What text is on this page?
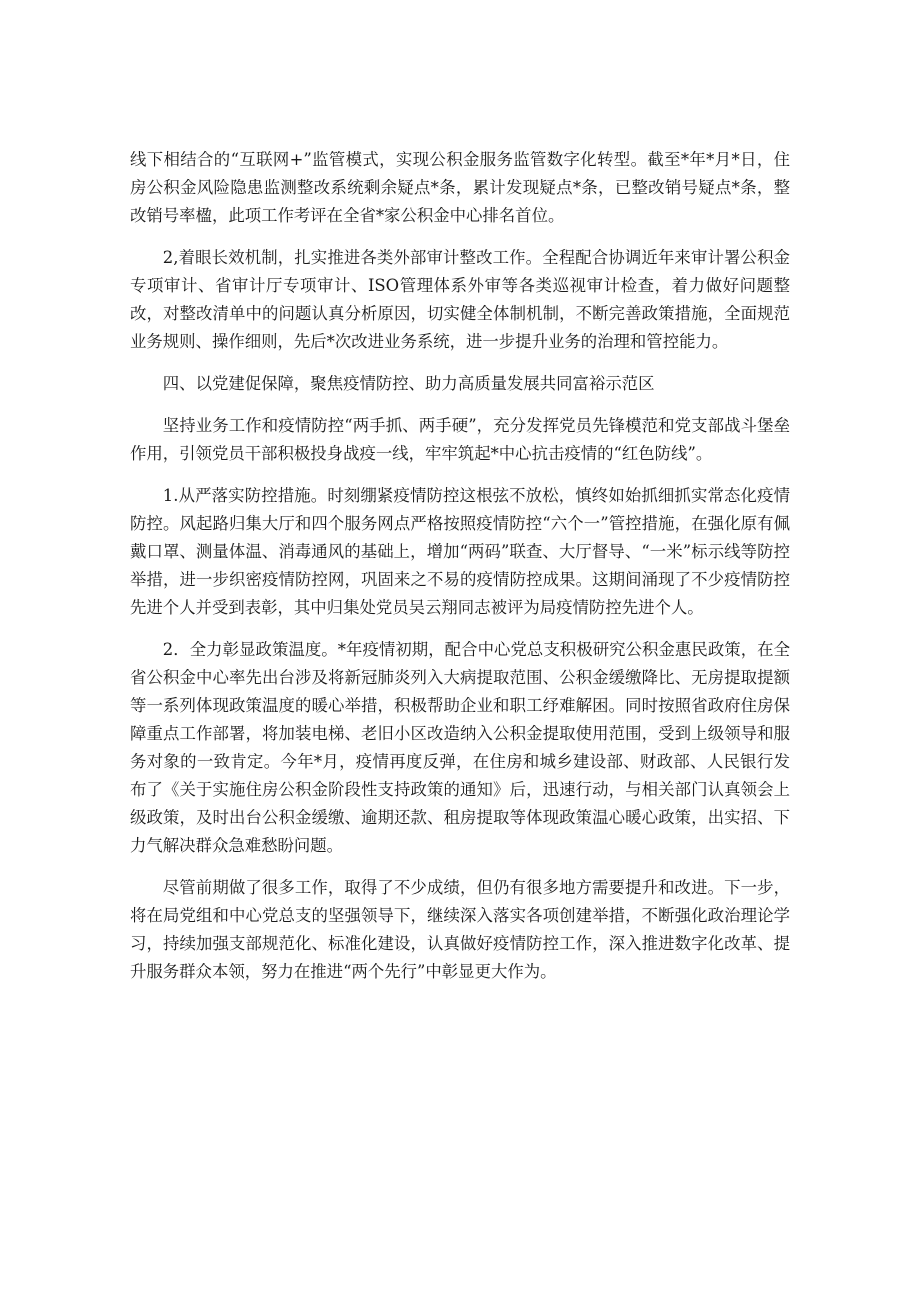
线下相结合的“互联网+”监管模式，实现公积金服务监管数字化转型。截至*年*月*日，住房公积金风险隐患监测整改系统剩余疑点*条，累计发现疑点*条，已整改销号疑点*条，整改销号率楹，此项工作考评在全省*家公积金中心排名首位。

2,着眼长效机制，扎实推进各类外部审计整改工作。全程配合协调近年来审计署公积金专项审计、省审计厅专项审计、ISO管理体系外审等各类巡视审计检查，着力做好问题整改，对整改清单中的问题认真分析原因，切实健全体制机制，不断完善政策措施，全面规范业务规则、操作细则，先后*次改进业务系统，进一步提升业务的治理和管控能力。

四、以党建促保障，聚焦疫情防控、助力高质量发展共同富裕示范区

坚持业务工作和疫情防控“两手抓、两手硬”，充分发挥党员先锋模范和党支部战斗堡垒作用，引领党员干部积极投身战疫一线，牢牢筑起*中心抗击疫情的“红色防线”。

1.从严落实防控措施。时刻绷紧疫情防控这根弦不放松，慎终如始抓细抓实常态化疫情防控。风起路归集大厅和四个服务网点严格按照疫情防控“六个一”管控措施，在强化原有佩戴口罩、测量体温、消毒通风的基础上，增加“两码”联查、大厅督导、“一米”标示线等防控举措，进一步织密疫情防控网，巩固来之不易的疫情防控成果。这期间涌现了不少疫情防控先进个人并受到表彰，其中归集处党员吴云翔同志被评为局疫情防控先进个人。

2．全力彰显政策温度。*年疫情初期，配合中心党总支积极研究公积金惠民政策，在全省公积金中心率先出台涉及将新冠肺炎列入大病提取范围、公积金缓缴降比、无房提取提额等一系列体现政策温度的暖心举措，积极帮助企业和职工纾难解困。同时按照省政府住房保障重点工作部署，将加装电梯、老旧小区改造纳入公积金提取使用范围，受到上级领导和服务对象的一致肯定。今年*月，疫情再度反弹，在住房和城乡建设部、财政部、人民银行发布了《关于实施住房公积金阶段性支持政策的通知》后，迅速行动，与相关部门认真领会上级政策，及时出台公积金缓缴、逾期还款、租房提取等体现政策温心暖心政策，出实招、下力气解决群众急难愁盼问题。

尽管前期做了很多工作，取得了不少成绩，但仍有很多地方需要提升和改进。下一步，将在局党组和中心党总支的坚强领导下，继续深入落实各项创建举措，不断强化政治理论学习，持续加强支部规范化、标准化建设，认真做好疫情防控工作，深入推进数字化改革、提升服务群众本领，努力在推进“两个先行”中彰显更大作为。
